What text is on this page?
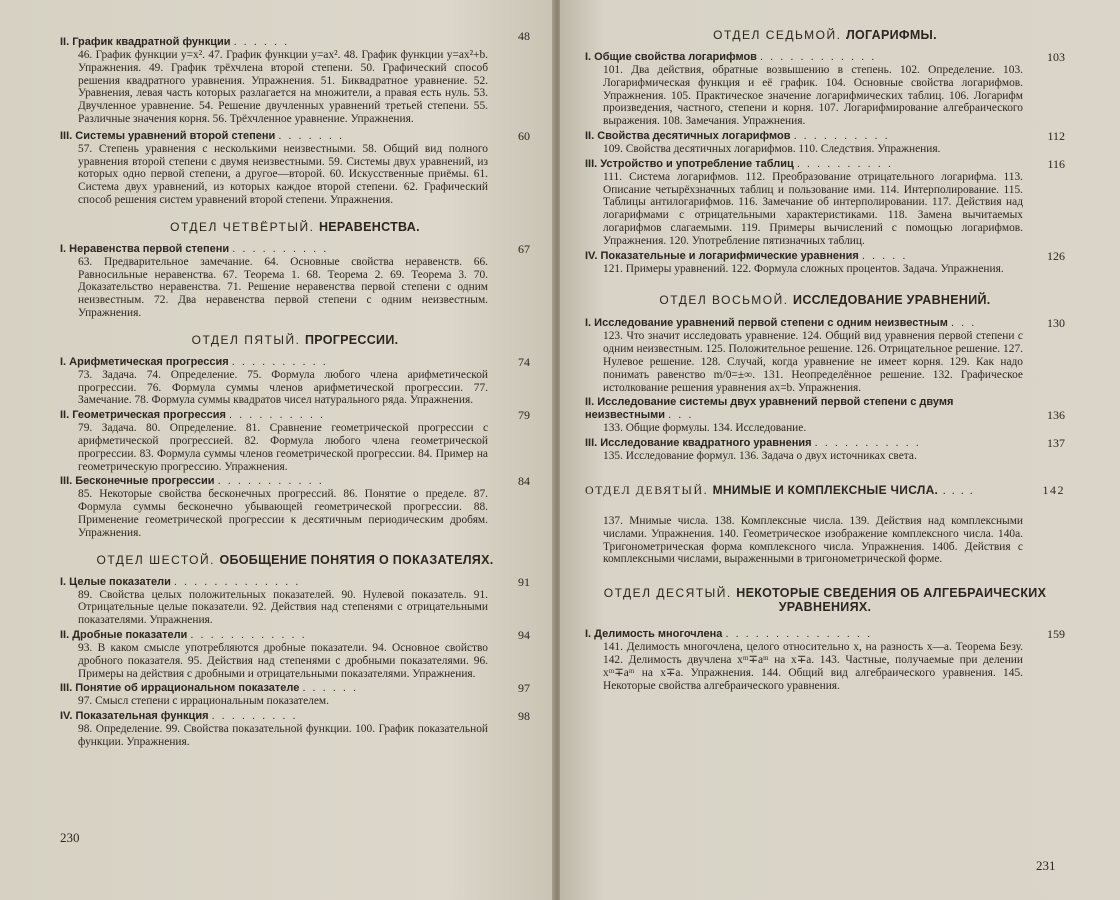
II. График квадратной функции . . . . . .	48
46. График функции y=x². 47. График функции y=ax². 48. График функции y=ax²+b. Упражнения. 49. График трёхчлена второй степени. 50. Графический способ решения квадратного уравнения. Упражнения. 51. Биквадратное уравнение. 52. Уравнения, левая часть которых разлагается на множители, а правая есть нуль. 53. Двучленное уравнение. 54. Решение двучленных уравнений третьей степени. 55. Различные значения корня. 56. Трёхчленное уравнение. Упражнения.
III. Системы уравнений второй степени . . . . . . .	60
57. Степень уравнения с несколькими неизвестными. 58. Общий вид полного уравнения второй степени с двумя неизвестными. 59. Системы двух уравнений, из которых одно первой степени, а другое—второй. 60. Искусственные приёмы. 61. Система двух уравнений, из которых каждое второй степени. 62. Графический способ решения систем уравнений второй степени. Упражнения.
ОТДЕЛ ЧЕТВЁРТЫЙ. НЕРАВЕНСТВА.
I. Неравенства первой степени . . . . . . . . . .	67
63. Предварительное замечание. 64. Основные свойства неравенств. 66. Равносильные неравенства. 67. Теорема 1. 68. Теорема 2. 69. Теорема 3. 70. Доказательство неравенства. 71. Решение неравенства первой степени с одним неизвестным. 72. Два неравенства первой степени с одним неизвестным. Упражнения.
ОТДЕЛ ПЯТЫЙ. ПРОГРЕССИИ.
I. Арифметическая прогрессия . . . . . . . . . .	74
73. Задача. 74. Определение. 75. Формула любого члена арифметической прогрессии. 76. Формула суммы членов арифметической прогрессии. 77. Замечание. 78. Формула суммы квадратов чисел натурального ряда. Упражнения.
II. Геометрическая прогрессия . . . . . . . . . .	79
79. Задача. 80. Определение. 81. Сравнение геометрической прогрессии с арифметической прогрессией. 82. Формула любого члена геометрической прогрессии. 83. Формула суммы членов геометрической прогрессии. 84. Пример на геометрическую прогрессию. Упражнения.
III. Бесконечные прогрессии . . . . . . . . . . .	84
85. Некоторые свойства бесконечных прогрессий. 86. Понятие о пределе. 87. Формула суммы бесконечно убывающей геометрической прогрессии. 88. Применение геометрической прогрессии к десятичным периодическим дробям. Упражнения.
ОТДЕЛ ШЕСТОЙ. ОБОБЩЕНИЕ ПОНЯТИЯ О ПОКАЗАТЕЛЯХ.
I. Целые показатели . . . . . . . . . . . . .	91
89. Свойства целых положительных показателей. 90. Нулевой показатель. 91. Отрицательные целые показатели. 92. Действия над степенями с отрицательными показателями. Упражнения.
II. Дробные показатели . . . . . . . . . . . .	94
93. В каком смысле употребляются дробные показатели. 94. Основное свойство дробного показателя. 95. Действия над степенями с дробными показателями. 96. Примеры на действия с дробными и отрицательными показателями. Упражнения.
III. Понятие об иррациональном показателе . . . . . .	97
97. Смысл степени с иррациональным показателем.
IV. Показательная функция . . . . . . . . .	98
98. Определение. 99. Свойства показательной функции. 100. График показательной функции. Упражнения.
230
ОТДЕЛ СЕДЬМОЙ. ЛОГАРИФМЫ.
I. Общие свойства логарифмов . . . . . . . . . . . .	103
101. Два действия, обратные возвышению в степень. 102. Определение. 103. Логарифмическая функция и её график. 104. Основные свойства логарифмов. Упражнения. 105. Практическое значение логарифмических таблиц. 106. Логарифм произведения, частного, степени и корня. 107. Логарифмирование алгебраического выражения. 108. Замечания. Упражнения.
II. Свойства десятичных логарифмов . . . . . . . . . .	112
109. Свойства десятичных логарифмов. 110. Следствия. Упражнения.
III. Устройство и употребление таблиц . . . . . . . . . .	116
111. Система логарифмов. 112. Преобразование отрицательного логарифма. 113. Описание четырёхзначных таблиц и пользование ими. 114. Интерполирование. 115. Таблицы антилогарифмов. 116. Замечание об интерполировании. 117. Действия над логарифмами с отрицательными характеристиками. 118. Замена вычитаемых логарифмов слагаемыми. 119. Примеры вычислений с помощью логарифмов. Упражнения. 120. Употребление пятизначных таблиц.
IV. Показательные и логарифмические уравнения . . . . .	126
121. Примеры уравнений. 122. Формула сложных процентов. Задача. Упражнения.
ОТДЕЛ ВОСЬМОЙ. ИССЛЕДОВАНИЕ УРАВНЕНИЙ.
I. Исследование уравнений первой степени с одним неизвестным . . .	130
123. Что значит исследовать уравнение. 124. Общий вид уравнения первой степени с одним неизвестным. 125. Положительное решение. 126. Отрицательное решение. 127. Нулевое решение. 128. Случай, когда уравнение не имеет корня. 129. Как надо понимать равенство m/0=±∞. 131. Неопределённое решение. 132. Графическое истолкование решения уравнения ax=b. Упражнения.
II. Исследование системы двух уравнений первой степени с двумя неизвестными . . .	136
133. Общие формулы. 134. Исследование.
III. Исследование квадратного уравнения . . . . . . . . . . .	137
135. Исследование формул. 136. Задача о двух источниках света.
ОТДЕЛ ДЕВЯТЫЙ. МНИМЫЕ И КОМПЛЕКСНЫЕ ЧИСЛА. . . . .	142
137. Мнимые числа. 138. Комплексные числа. 139. Действия над комплексными числами. Упражнения. 140. Геометрическое изображение комплексного числа. 140а. Тригонометрическая форма комплексного числа. Упражнения. 140б. Действия с комплексными числами, выраженными в тригонометрической форме.
ОТДЕЛ ДЕСЯТЫЙ. НЕКОТОРЫЕ СВЕДЕНИЯ ОБ АЛГЕБРАИЧЕСКИХ УРАВНЕНИЯХ.
I. Делимость многочлена . . . . . . . . . . . . . . .	159
141. Делимость многочлена, целого относительно x, на разность x—a. Теорема Безу. 142. Делимость двучлена xᵐ∓aᵐ на x∓a. 143. Частные, получаемые при делении xᵐ∓aᵐ на x∓a. Упражнения. 144. Общий вид алгебраического уравнения. 145. Некоторые свойства алгебраического уравнения.
231
